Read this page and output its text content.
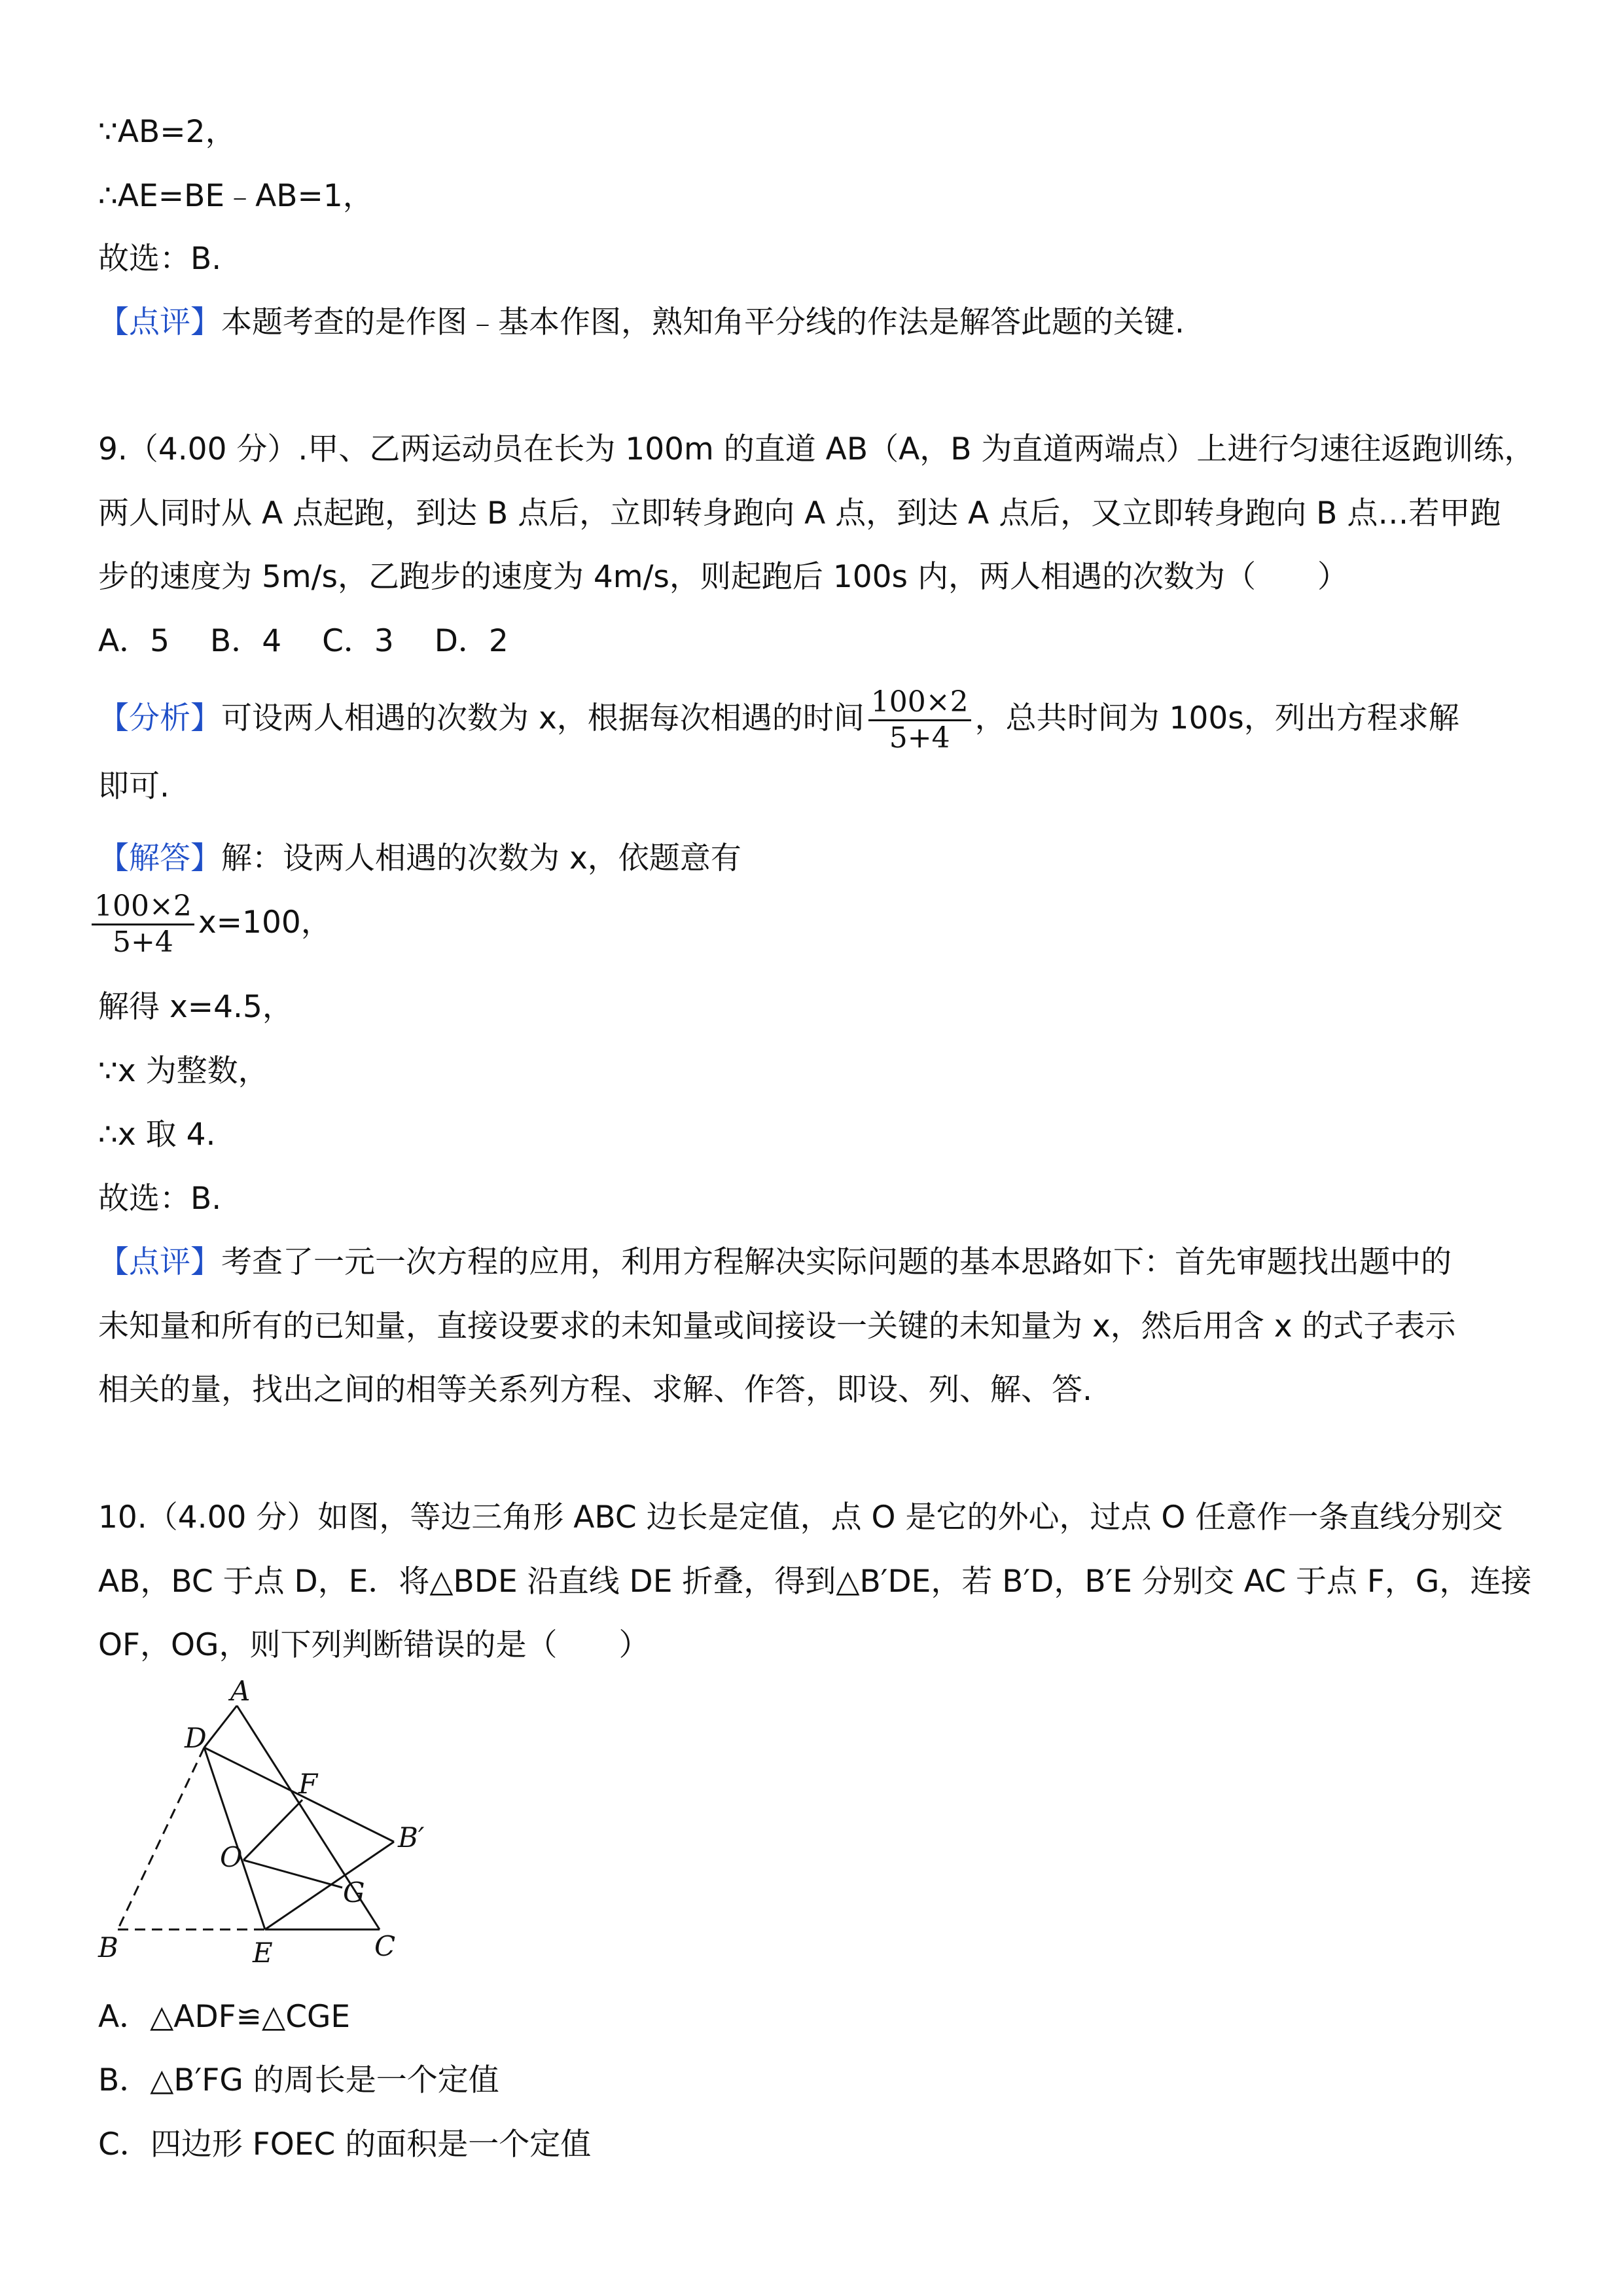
∵AB=2，
∴AE=BE﹣AB=1，
故选：B.
【点评】本题考查的是作图﹣基本作图，熟知角平分线的作法是解答此题的关键.
9.（4.00 分）.甲、乙两运动员在长为 100m 的直道 AB（A，B 为直道两端点）上进行匀速往返跑训练，
两人同时从 A 点起跑，到达 B 点后，立即转身跑向 A 点，到达 A 点后，又立即转身跑向 B 点…若甲跑
步的速度为 5m/s，乙跑步的速度为 4m/s，则起跑后 100s 内，两人相遇的次数为（　　）
A．5　 B．4　 C．3　 D．2
【分析】可设两人相遇的次数为 x，根据每次相遇的时间 $\frac{100\times 2}{5+4}$ ，总共时间为 100s，列出方程求解
即可.
【解答】解：设两人相遇的次数为 x，依题意有
$\frac{100\times 2}{5+4} x=100$，
解得 x=4.5，
∵x 为整数，
∴x 取 4.
故选：B.
【点评】考查了一元一次方程的应用，利用方程解决实际问题的基本思路如下：首先审题找出题中的
未知量和所有的已知量，直接设要求的未知量或间接设一关键的未知量为 x，然后用含 x 的式子表示
相关的量，找出之间的相等关系列方程、求解、作答，即设、列、解、答.
10.（4.00 分）如图，等边三角形 ABC 边长是定值，点 O 是它的外心，过点 O 任意作一条直线分别交
AB，BC 于点 D，E．将△BDE 沿直线 DE 折叠，得到△B′DE，若 B′D，B′E 分别交 AC 于点 F，G，连接
OF，OG，则下列判断错误的是（　　）
A
D
F
O
B′
G
B	E	C
A．△ADF≌△CGE
B．△B′FG 的周长是一个定值
C．四边形 FOEC 的面积是一个定值
